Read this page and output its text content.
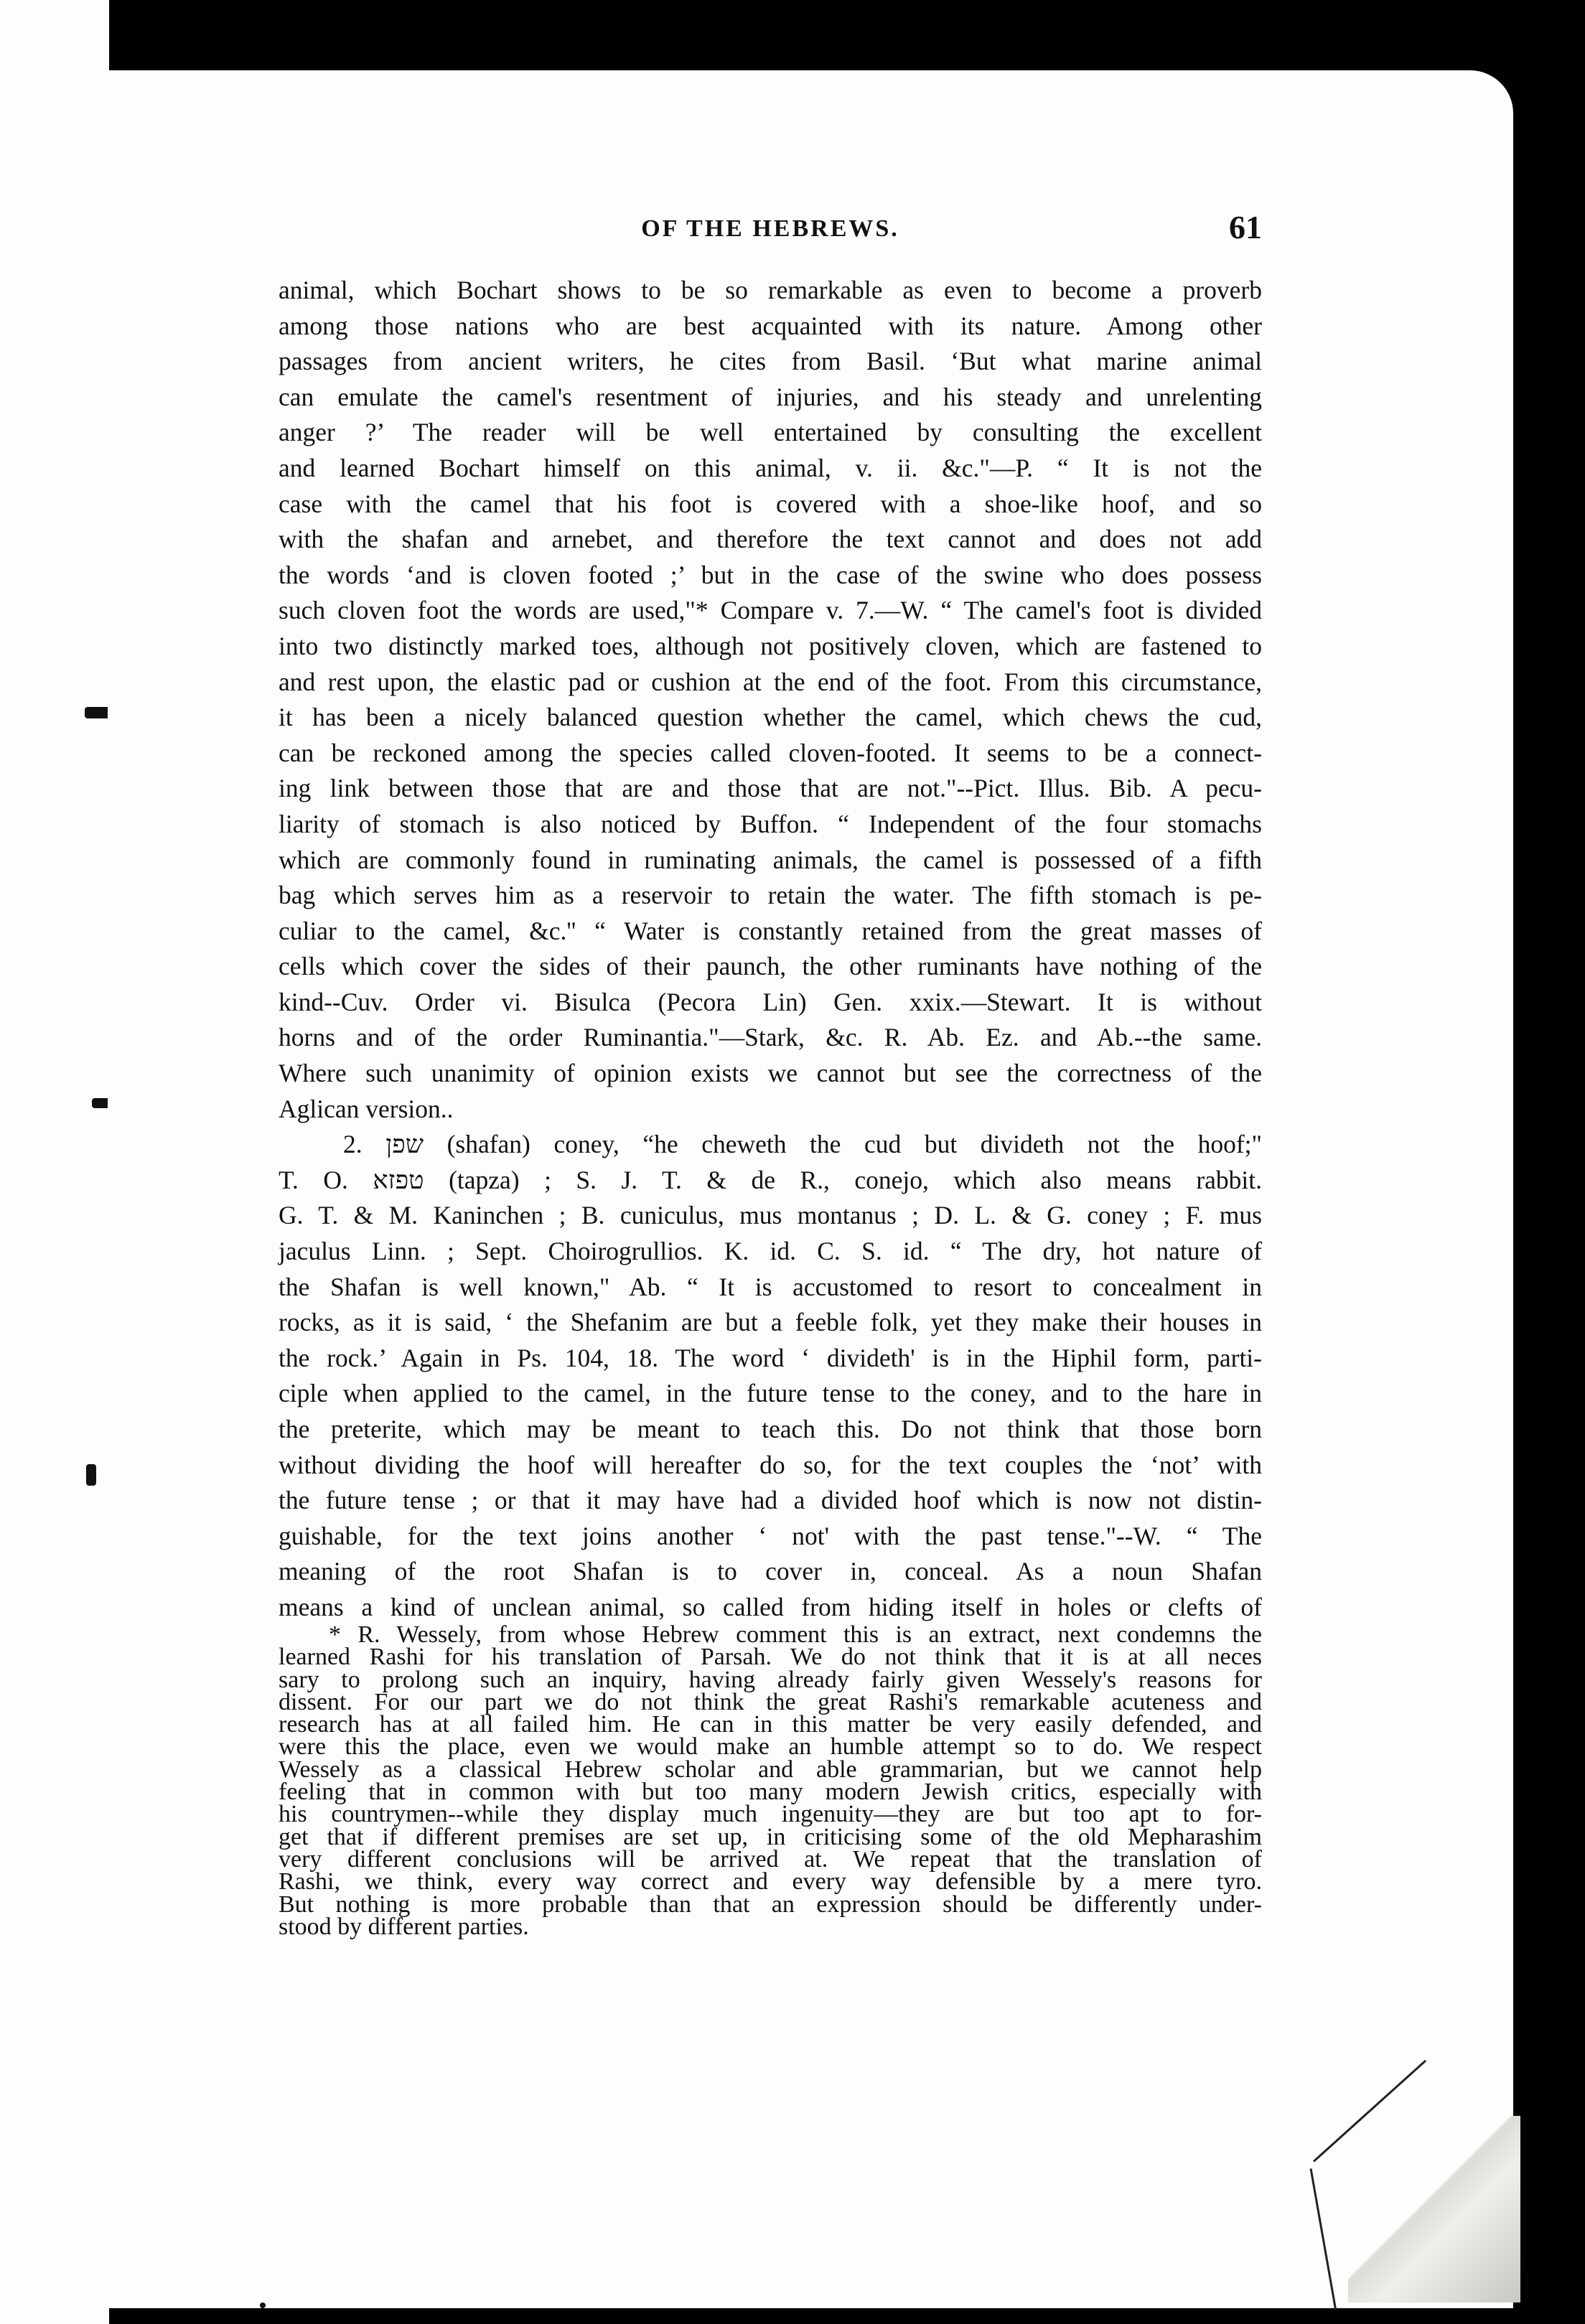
OF THE HEBREWS.	61
animal, which Bochart shows to be so remarkable as even to become a proverb
among those nations who are best acquainted with its nature. Among other
passages from ancient writers, he cites from Basil. ‘But what marine animal
can emulate the camel's resentment of injuries, and his steady and unrelenting
anger ?’ The reader will be well entertained by consulting the excellent
and learned Bochart himself on this animal, v. ii. &c."—P. “ It is not the
case with the camel that his foot is covered with a shoe-like hoof, and so
with the shafan and arnebet, and therefore the text cannot and does not add
the words ‘and is cloven footed ;’ but in the case of the swine who does possess
such cloven foot the words are used,"* Compare v. 7.—W. “ The camel's foot is divided
into two distinctly marked toes, although not positively cloven, which are fastened to
and rest upon, the elastic pad or cushion at the end of the foot. From this circumstance,
it has been a nicely balanced question whether the camel, which chews the cud,
can be reckoned among the species called cloven-footed. It seems to be a connect-
ing link between those that are and those that are not."--Pict. Illus. Bib. A pecu-
liarity of stomach is also noticed by Buffon. “ Independent of the four stomachs
which are commonly found in ruminating animals, the camel is possessed of a fifth
bag which serves him as a reservoir to retain the water. The fifth stomach is pe-
culiar to the camel, &c.'' “ Water is constantly retained from the great masses of
cells which cover the sides of their paunch, the other ruminants have nothing of the
kind--Cuv. Order vi. Bisulca (Pecora Lin) Gen. xxix.—Stewart. It is without
horns and of the order Ruminantia."—Stark, &c. R. Ab. Ez. and Ab.--the same.
Where such unanimity of opinion exists we cannot but see the correctness of the
Aglican version..
2. שפן (shafan) coney, “he cheweth the cud but divideth not the hoof;"
T. O. טפזא (tapza) ; S. J. T. & de R., conejo, which also means rabbit.
G. T. & M. Kaninchen ; B. cuniculus, mus montanus ; D. L. & G. coney ; F. mus
jaculus Linn. ; Sept. Choirogrullios. K. id. C. S. id. “ The dry, hot nature of
the Shafan is well known," Ab. “ It is accustomed to resort to concealment in
rocks, as it is said, ‘ the Shefanim are but a feeble folk, yet they make their houses in
the rock.’ Again in Ps. 104, 18. The word ‘ divideth' is in the Hiphil form, parti-
ciple when applied to the camel, in the future tense to the coney, and to the hare in
the preterite, which may be meant to teach this. Do not think that those born
without dividing the hoof will hereafter do so, for the text couples the ‘not’ with
the future tense ; or that it may have had a divided hoof which is now not distin-
guishable, for the text joins another ‘ not' with the past tense."--W. “ The
meaning of the root Shafan is to cover in, conceal. As a noun Shafan
means a kind of unclean animal, so called from hiding itself in holes or clefts of
* R. Wessely, from whose Hebrew comment this is an extract, next condemns the
learned Rashi for his translation of Parsah. We do not think that it is at all neces
sary to prolong such an inquiry, having already fairly given Wessely's reasons for
dissent. For our part we do not think the great Rashi's remarkable acuteness and
research has at all failed him. He can in this matter be very easily defended, and
were this the place, even we would make an humble attempt so to do. We respect
Wessely as a classical Hebrew scholar and able grammarian, but we cannot help
feeling that in common with but too many modern Jewish critics, especially with
his countrymen--while they display much ingenuity—they are but too apt to for-
get that if different premises are set up, in criticising some of the old Mepharashim
very different conclusions will be arrived at. We repeat that the translation of
Rashi, we think, every way correct and every way defensible by a mere tyro.
But nothing is more probable than that an expression should be differently under-
stood by different parties.
